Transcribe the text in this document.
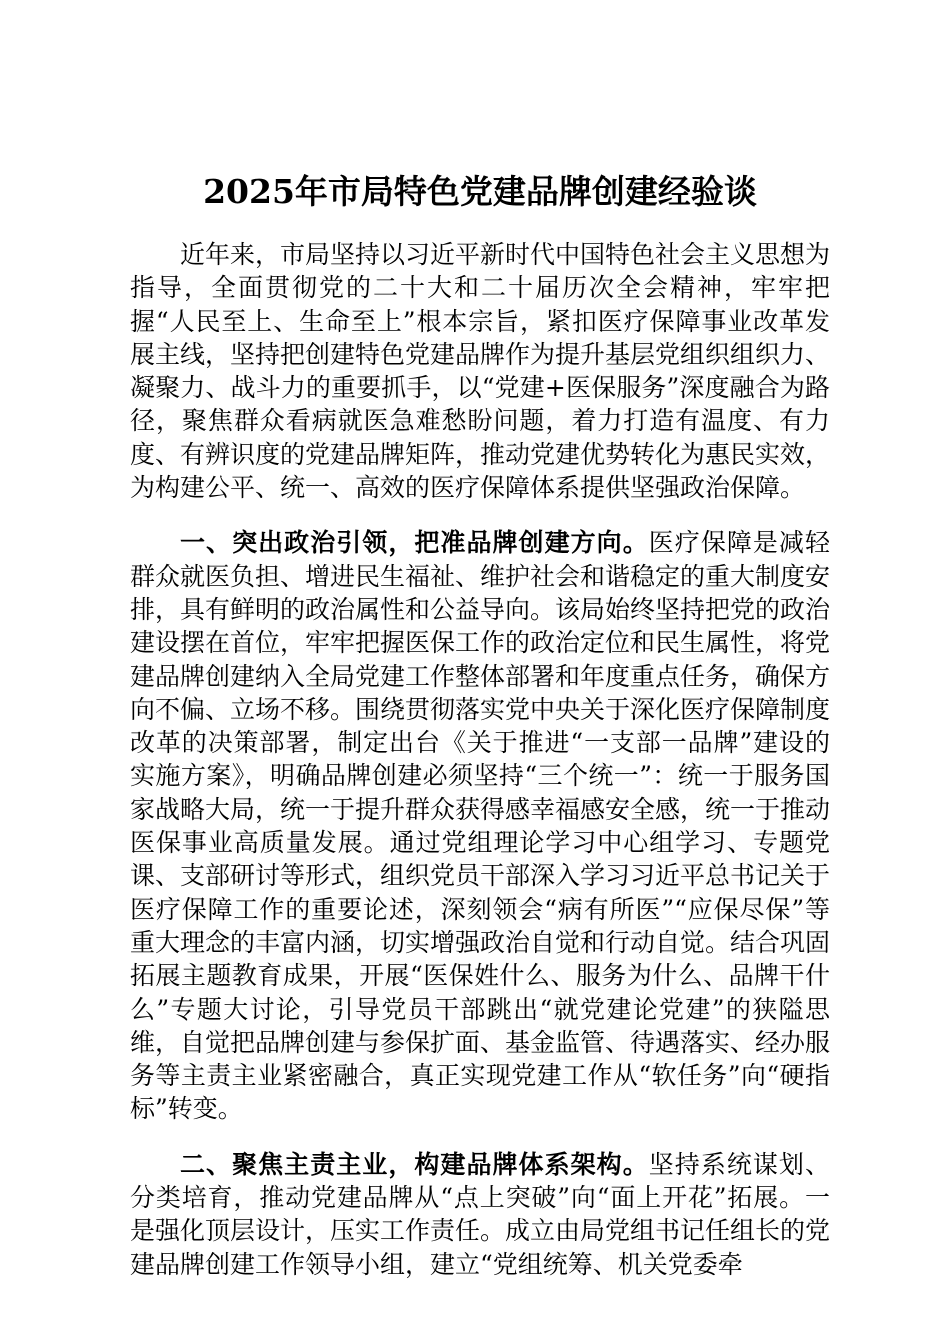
2025年市局特色党建品牌创建经验谈

近年来，市局坚持以习近平新时代中国特色社会主义思想为指导，全面贯彻党的二十大和二十届历次全会精神，牢牢把握“人民至上、生命至上”根本宗旨，紧扣医疗保障事业改革发展主线，坚持把创建特色党建品牌作为提升基层党组织组织力、凝聚力、战斗力的重要抓手，以“党建+医保服务”深度融合为路径，聚焦群众看病就医急难愁盼问题，着力打造有温度、有力度、有辨识度的党建品牌矩阵，推动党建优势转化为惠民实效，为构建公平、统一、高效的医疗保障体系提供坚强政治保障。

一、突出政治引领，把准品牌创建方向。医疗保障是减轻群众就医负担、增进民生福祉、维护社会和谐稳定的重大制度安排，具有鲜明的政治属性和公益导向。该局始终坚持把党的政治建设摆在首位，牢牢把握医保工作的政治定位和民生属性，将党建品牌创建纳入全局党建工作整体部署和年度重点任务，确保方向不偏、立场不移。围绕贯彻落实党中央关于深化医疗保障制度改革的决策部署，制定出台《关于推进“一支部一品牌”建设的实施方案》，明确品牌创建必须坚持“三个统一”：统一于服务国家战略大局，统一于提升群众获得感幸福感安全感，统一于推动医保事业高质量发展。通过党组理论学习中心组学习、专题党课、支部研讨等形式，组织党员干部深入学习习近平总书记关于医疗保障工作的重要论述，深刻领会“病有所医”“应保尽保”等重大理念的丰富内涵，切实增强政治自觉和行动自觉。结合巩固拓展主题教育成果，开展“医保姓什么、服务为什么、品牌干什么”专题大讨论，引导党员干部跳出“就党建论党建”的狭隘思维，自觉把品牌创建与参保扩面、基金监管、待遇落实、经办服务等主责主业紧密融合，真正实现党建工作从“软任务”向“硬指标”转变。

二、聚焦主责主业，构建品牌体系架构。坚持系统谋划、分类培育，推动党建品牌从“点上突破”向“面上开花”拓展。一是强化顶层设计，压实工作责任。成立由局党组书记任组长的党建品牌创建工作领导小组，建立“党组统筹、机关党委牵
